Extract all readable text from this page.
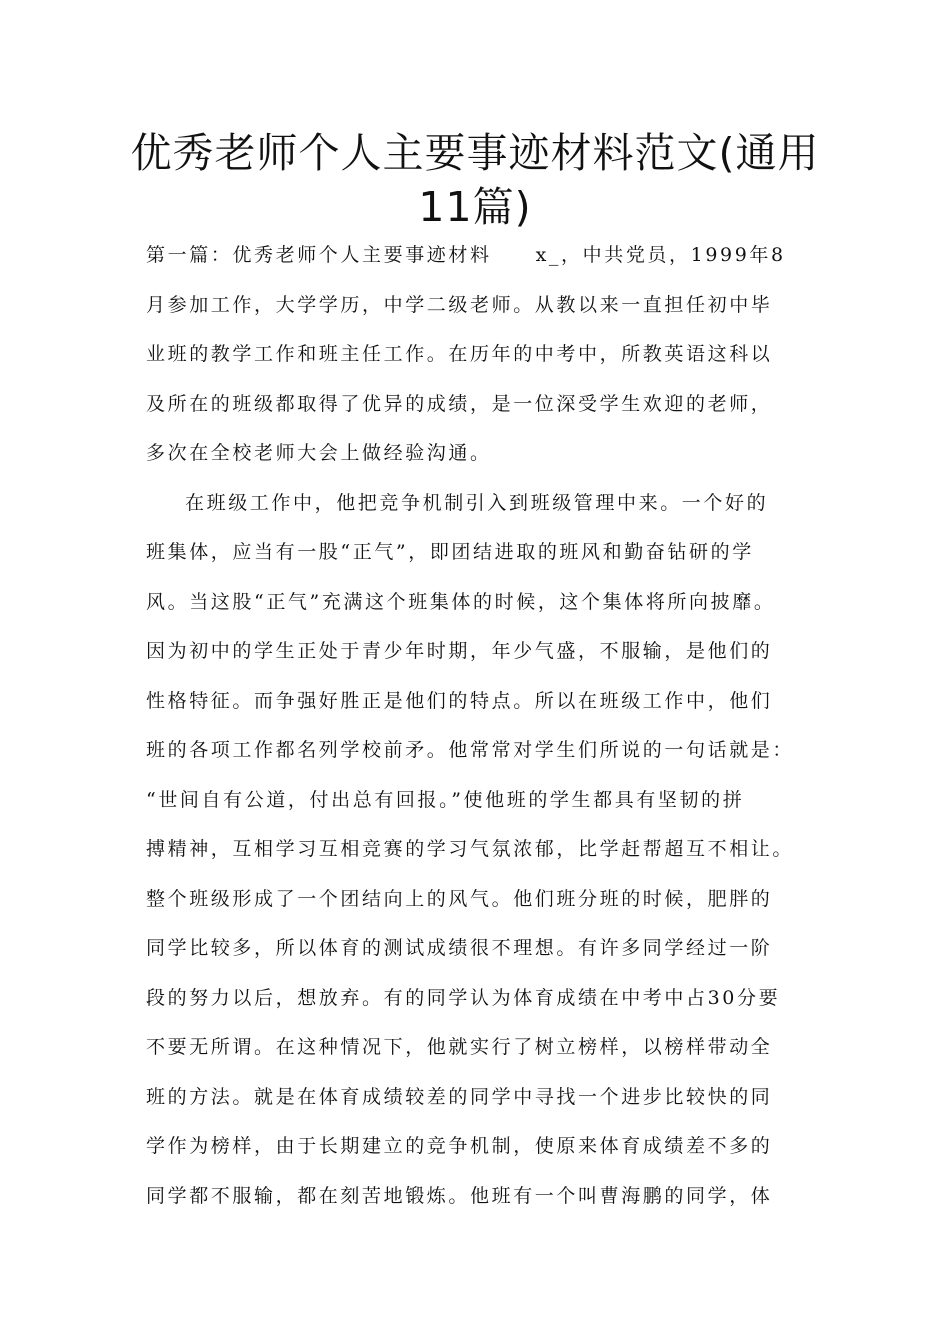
优秀老师个人主要事迹材料范文(通用
11篇)
第一篇：优秀老师个人主要事迹材料 x_，中共党员，1999年8
月参加工作，大学学历，中学二级老师。从教以来一直担任初中毕
业班的教学工作和班主任工作。在历年的中考中，所教英语这科以
及所在的班级都取得了优异的成绩，是一位深受学生欢迎的老师，
多次在全校老师大会上做经验沟通。
在班级工作中，他把竞争机制引入到班级管理中来。一个好的
班集体，应当有一股“正气”，即团结进取的班风和勤奋钻研的学
风。当这股“正气”充满这个班集体的时候，这个集体将所向披靡。
因为初中的学生正处于青少年时期，年少气盛，不服输，是他们的
性格特征。而争强好胜正是他们的特点。所以在班级工作中，他们
班的各项工作都名列学校前矛。他常常对学生们所说的一句话就是：
“世间自有公道，付出总有回报。”使他班的学生都具有坚韧的拼
搏精神，互相学习互相竞赛的学习气氛浓郁，比学赶帮超互不相让。
整个班级形成了一个团结向上的风气。他们班分班的时候，肥胖的
同学比较多，所以体育的测试成绩很不理想。有许多同学经过一阶
段的努力以后，想放弃。有的同学认为体育成绩在中考中占30分要
不要无所谓。在这种情况下，他就实行了树立榜样，以榜样带动全
班的方法。就是在体育成绩较差的同学中寻找一个进步比较快的同
学作为榜样，由于长期建立的竞争机制，使原来体育成绩差不多的
同学都不服输，都在刻苦地锻炼。他班有一个叫曹海鹏的同学，体
